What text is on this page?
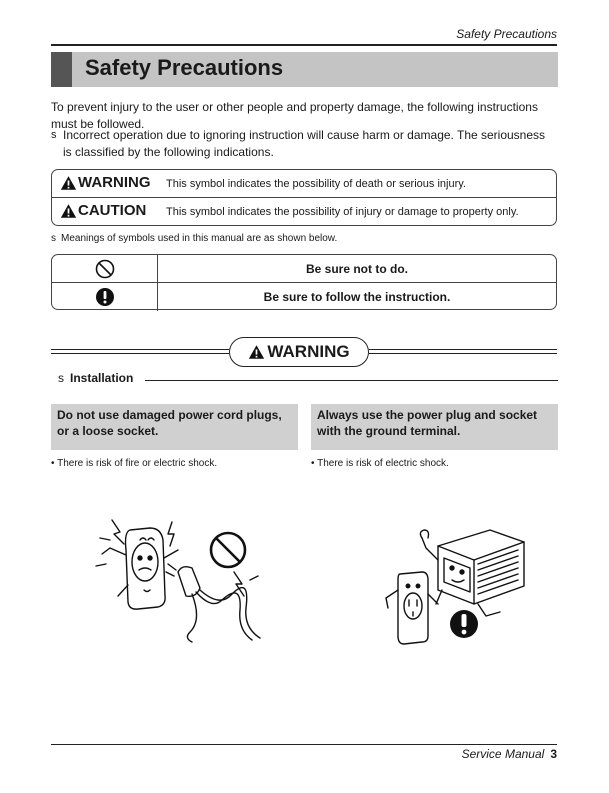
Safety Precautions
Safety Precautions
To prevent injury to the user or other people and property damage, the following instructions must be followed.
s Incorrect operation due to ignoring instruction will cause harm or damage. The seriousness is classified by the following indications.
WARNING This symbol indicates the possibility of death or serious injury.
CAUTION This symbol indicates the possibility of injury or damage to property only.
s Meanings of symbols used in this manual are as shown below.
Be sure not to do.
Be sure to follow the instruction.
WARNING
s Installation
Do not use damaged power cord plugs, or a loose socket.
• There is risk of fire or electric shock.
Always use the power plug and socket with the ground terminal.
• There is risk of electric shock.
Service Manual 3
